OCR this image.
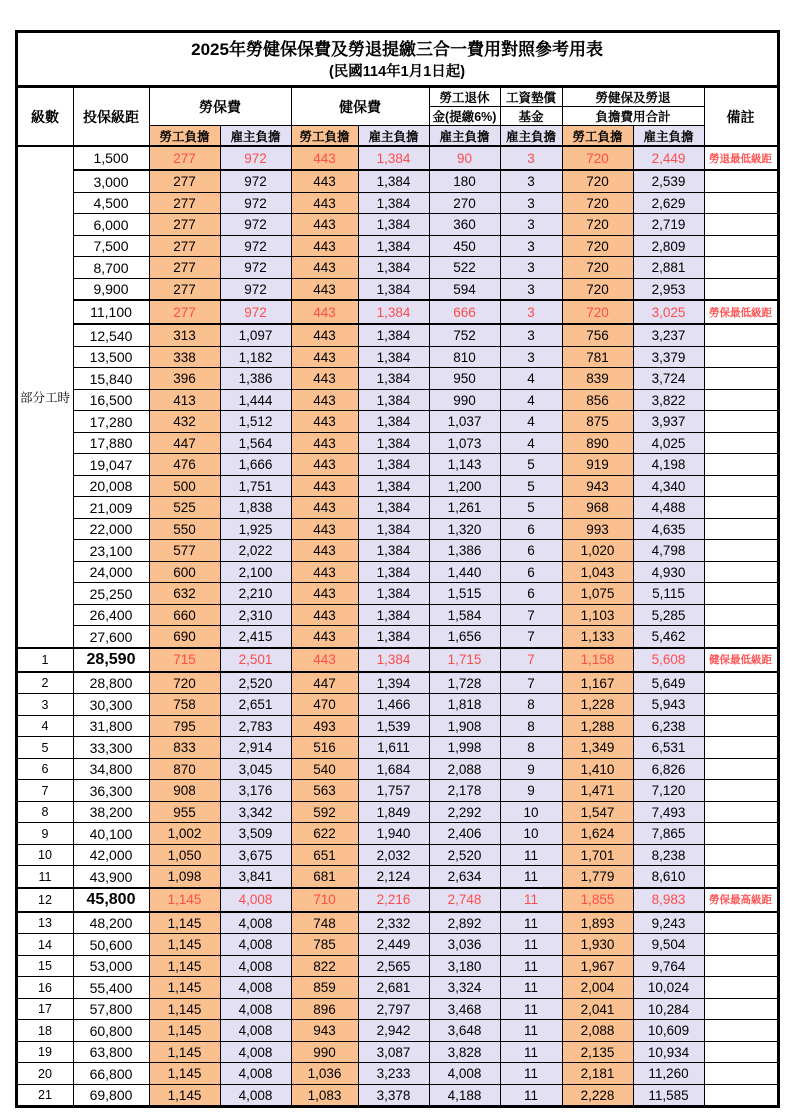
2025年勞健保保費及勞退提繳三合一費用對照參考用表
(民國114年1月1日起)										

級數	投保級距	勞保費		健保費		勞工退休	工資墊償	勞健保及勞退		備註
						金(提繳6%)	基金	負擔費用合計		
		勞工負擔	雇主負擔	勞工負擔	雇主負擔	雇主負擔	雇主負擔	勞工負擔	雇主負擔	
部分工時	1,500	277	972	443	1,384	90	3	720	2,449	勞退最低級距
	3,000	277	972	443	1,384	180	3	720	2,539	
	4,500	277	972	443	1,384	270	3	720	2,629	
	6,000	277	972	443	1,384	360	3	720	2,719	
	7,500	277	972	443	1,384	450	3	720	2,809	
	8,700	277	972	443	1,384	522	3	720	2,881	
	9,900	277	972	443	1,384	594	3	720	2,953	
	11,100	277	972	443	1,384	666	3	720	3,025	勞保最低級距
	12,540	313	1,097	443	1,384	752	3	756	3,237	
	13,500	338	1,182	443	1,384	810	3	781	3,379	
	15,840	396	1,386	443	1,384	950	4	839	3,724	
	16,500	413	1,444	443	1,384	990	4	856	3,822	
	17,280	432	1,512	443	1,384	1,037	4	875	3,937	
	17,880	447	1,564	443	1,384	1,073	4	890	4,025	
	19,047	476	1,666	443	1,384	1,143	5	919	4,198	
	20,008	500	1,751	443	1,384	1,200	5	943	4,340	
	21,009	525	1,838	443	1,384	1,261	5	968	4,488	
	22,000	550	1,925	443	1,384	1,320	6	993	4,635	
	23,100	577	2,022	443	1,384	1,386	6	1,020	4,798	
	24,000	600	2,100	443	1,384	1,440	6	1,043	4,930	
	25,250	632	2,210	443	1,384	1,515	6	1,075	5,115	
	26,400	660	2,310	443	1,384	1,584	7	1,103	5,285	
	27,600	690	2,415	443	1,384	1,656	7	1,133	5,462	
1	28,590	715	2,501	443	1,384	1,715	7	1,158	5,608	健保最低級距
2	28,800	720	2,520	447	1,394	1,728	7	1,167	5,649	
3	30,300	758	2,651	470	1,466	1,818	8	1,228	5,943	
4	31,800	795	2,783	493	1,539	1,908	8	1,288	6,238	
5	33,300	833	2,914	516	1,611	1,998	8	1,349	6,531	
6	34,800	870	3,045	540	1,684	2,088	9	1,410	6,826	
7	36,300	908	3,176	563	1,757	2,178	9	1,471	7,120	
8	38,200	955	3,342	592	1,849	2,292	10	1,547	7,493	
9	40,100	1,002	3,509	622	1,940	2,406	10	1,624	7,865	
10	42,000	1,050	3,675	651	2,032	2,520	11	1,701	8,238	
11	43,900	1,098	3,841	681	2,124	2,634	11	1,779	8,610	
12	45,800	1,145	4,008	710	2,216	2,748	11	1,855	8,983	勞保最高級距
13	48,200	1,145	4,008	748	2,332	2,892	11	1,893	9,243	
14	50,600	1,145	4,008	785	2,449	3,036	11	1,930	9,504	
15	53,000	1,145	4,008	822	2,565	3,180	11	1,967	9,764	
16	55,400	1,145	4,008	859	2,681	3,324	11	2,004	10,024	
17	57,800	1,145	4,008	896	2,797	3,468	11	2,041	10,284	
18	60,800	1,145	4,008	943	2,942	3,648	11	2,088	10,609	
19	63,800	1,145	4,008	990	3,087	3,828	11	2,135	10,934	
20	66,800	1,145	4,008	1,036	3,233	4,008	11	2,181	11,260	
21	69,800	1,145	4,008	1,083	3,378	4,188	11	2,228	11,585	
